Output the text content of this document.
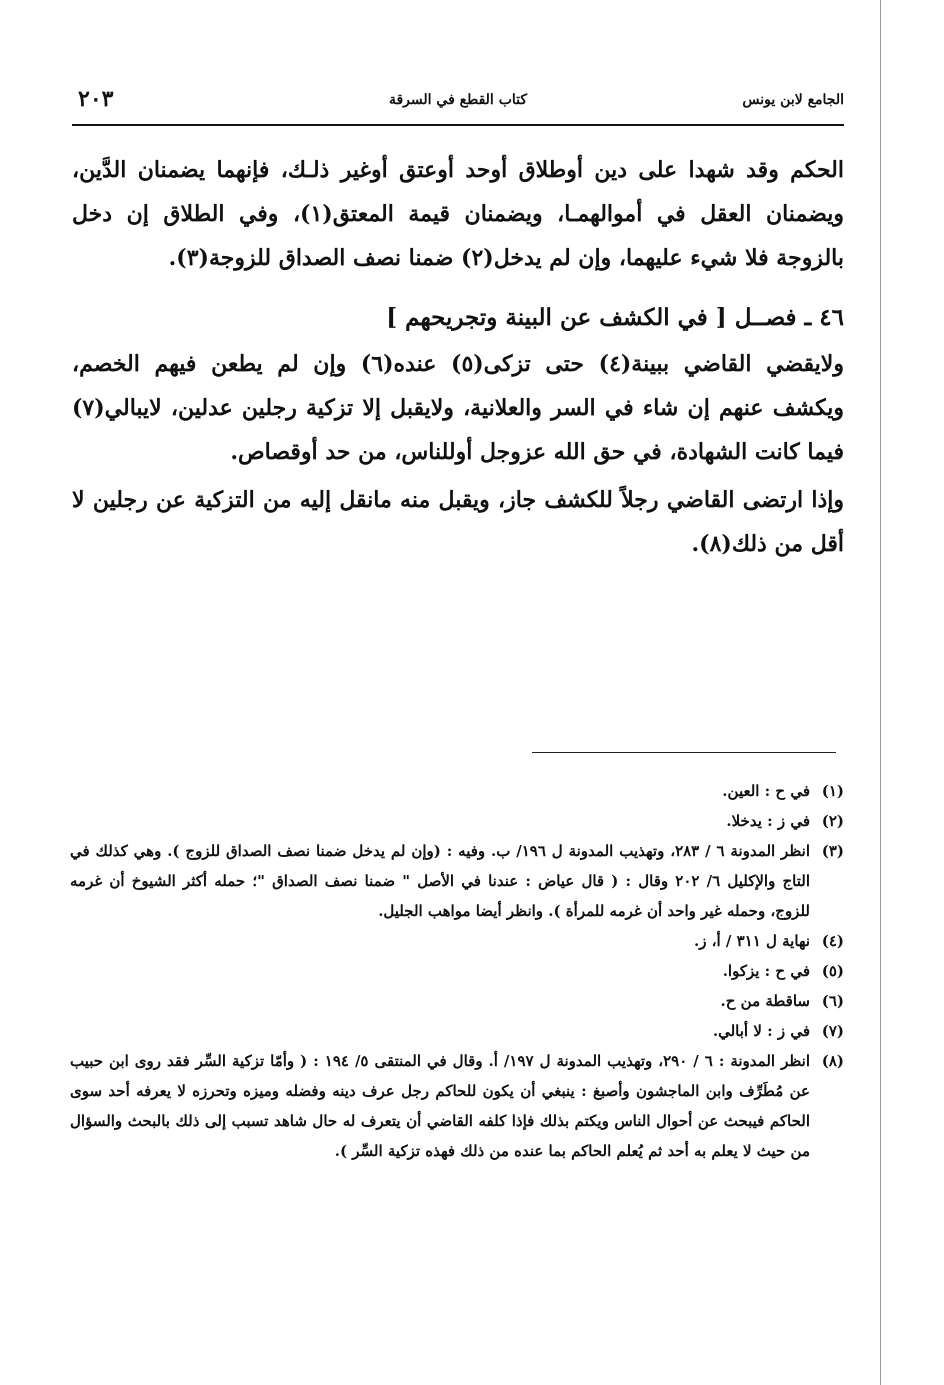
الجامع لابن يونس
كتاب القطع في السرقة
٢٠٣

الحكم وقد شهدا على دين أوطلاق أوحد أوعتق أوغير ذلـك، فإنهما يضمنان الدَّين، ويضمنان العقل في أموالهمـا، ويضمنان قيمة المعتق(١)، وفي الطلاق إن دخل بالزوجة فلا شيء عليهما، وإن لم يدخل(٢) ضمنا نصف الصداق للزوجة(٣).

٤٦ ـ فصــل [ في الكشف عن البينة وتجريحهم ]

ولايقضي القاضي ببينة(٤) حتى تزكى(٥) عنده(٦) وإن لم يطعن فيهم الخصم، ويكشف عنهم إن شاء في السر والعلانية، ولايقبل إلا تزكية رجلين عدلين، لايبالي(٧) فيما كانت الشهادة، في حق الله عزوجل أوللناس، من حد أوقصاص.

وإذا ارتضى القاضي رجلاً للكشف جاز، ويقبل منه مانقل إليه من التزكية عن رجلين لا أقل من ذلك(٨).

(١)
في ح : العين.
(٢)
في ز : يدخلا.
(٣)
انظر المدونة ٦ / ٢٨٣، وتهذيب المدونة ل ١٩٦/ ب. وفيه : (وإن لم يدخل ضمنا نصف الصداق للزوج ). وهي كذلك في التاج والإكليل ٦/ ٢٠٢ وقال : ( قال عياض : عندنا في الأصل " ضمنا نصف الصداق "؛ حمله أكثر الشيوخ أن غرمه للزوج، وحمله غير واحد أن غرمه للمرأة ). وانظر أيضا مواهب الجليل.
(٤)
نهاية ل ٣١١ / أ، ز.
(٥)
في ح : يزكوا.
(٦)
ساقطة من ح.
(٧)
في ز : لا أبالي.
(٨)
انظر المدونة : ٦ / ٢٩٠، وتهذيب المدونة ل ١٩٧/ أ. وقال في المنتقى ٥/ ١٩٤ : ( وأمّا تزكية السِّر فقد روى ابن حبيب عن مُطَرِّف وابن الماجشون وأصبغ : ينبغي أن يكون للحاكم رجل عرف دينه وفضله وميزه وتحرزه لا يعرفه أحد سوى الحاكم فيبحث عن أحوال الناس ويكتم بذلك فإذا كلفه القاضي أن يتعرف له حال شاهد تسبب إلى ذلك بالبحث والسؤال من حيث لا يعلم به أحد ثم يُعلم الحاكم بما عنده من ذلك فهذه تزكية السِّر ).
